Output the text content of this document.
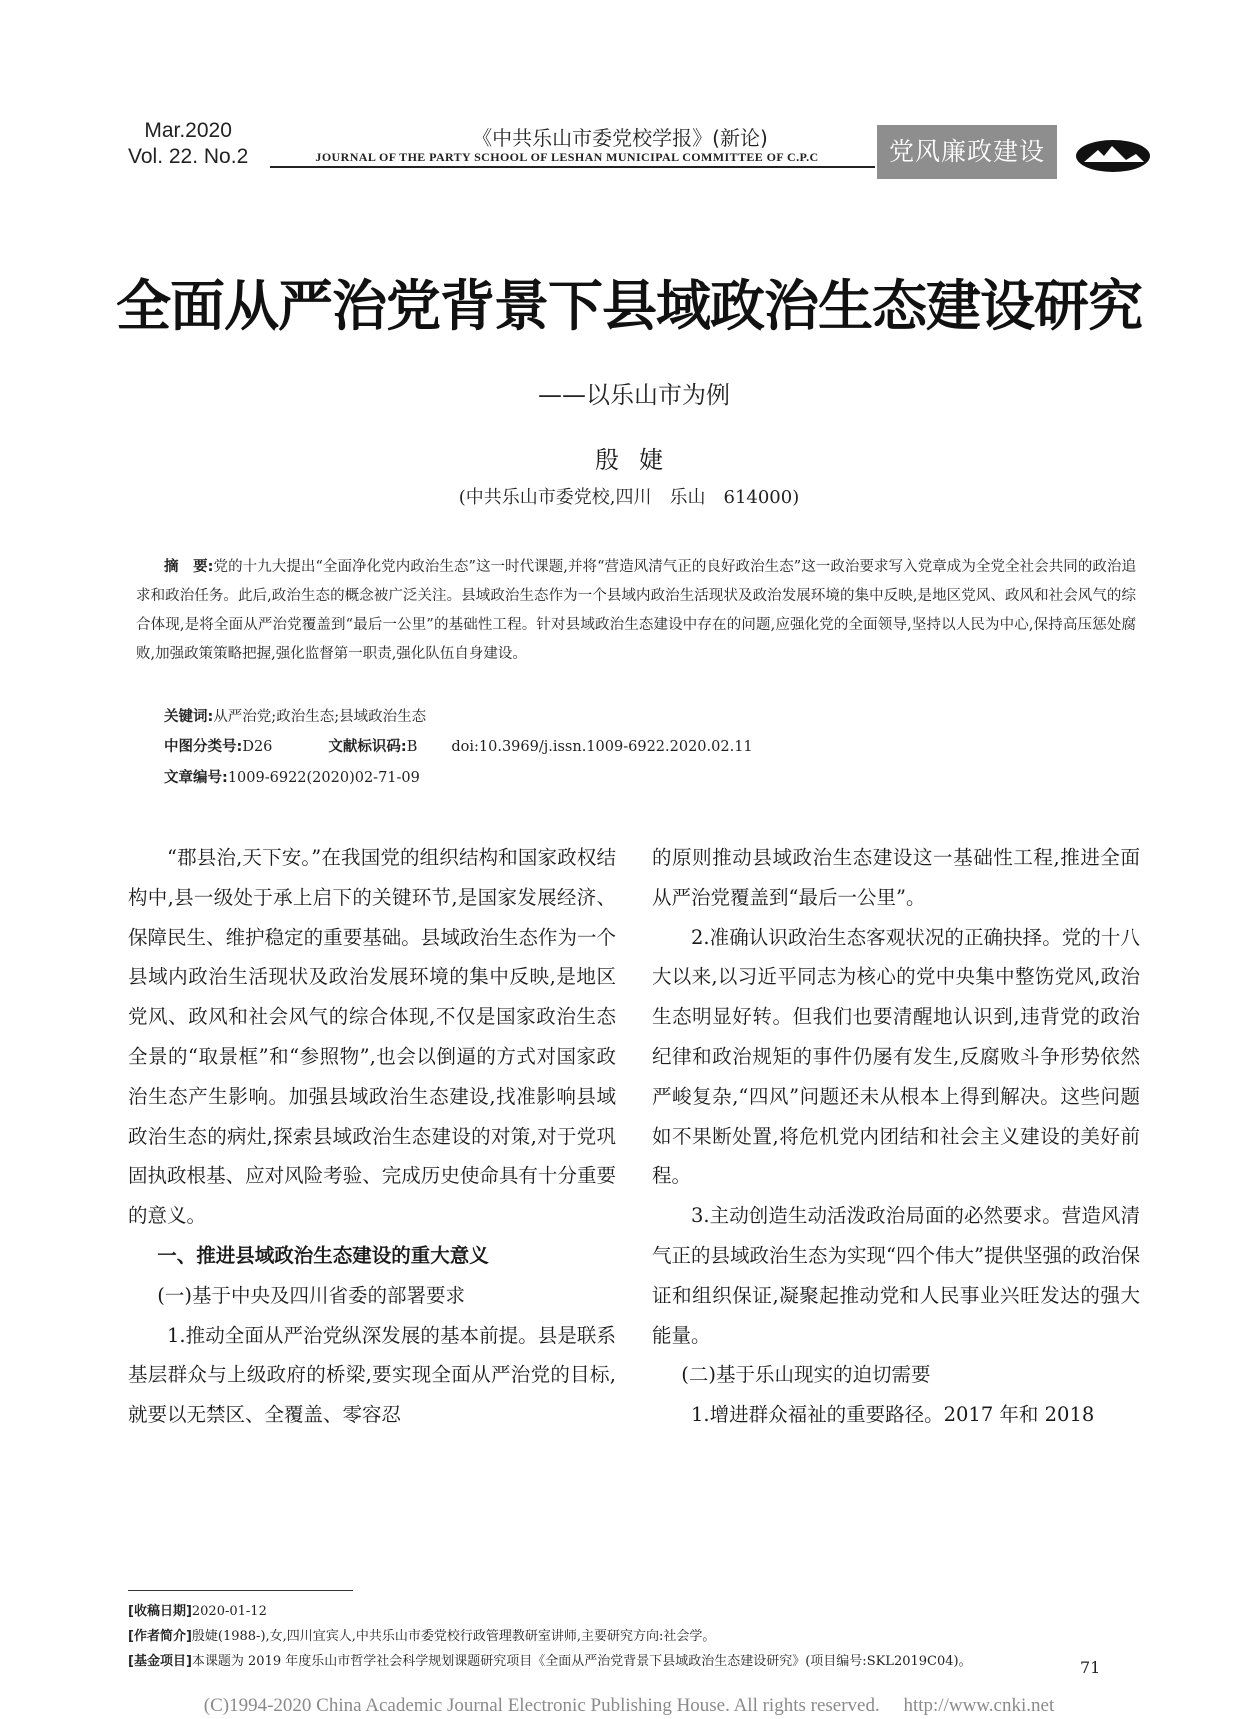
Mar.2020
Vol. 22. No.2
《中共乐山市委党校学报》(新论)
JOURNAL OF THE PARTY SCHOOL OF LESHAN MUNICIPAL COMMITTEE OF C.P.C	党风廉政建设
全面从严治党背景下县域政治生态建设研究
——以乐山市为例
殷婕
(中共乐山市委党校,四川　乐山　614000)
摘　要:党的十九大提出“全面净化党内政治生态”这一时代课题,并将“营造风清气正的良好政治生态”这一政治要求写入党章成为全党全社会共同的政治追求和政治任务。此后,政治生态的概念被广泛关注。县域政治生态作为一个县域内政治生活现状及政治发展环境的集中反映,是地区党风、政风和社会风气的综合体现,是将全面从严治党覆盖到“最后一公里”的基础性工程。针对县域政治生态建设中存在的问题,应强化党的全面领导,坚持以人民为中心,保持高压惩处腐败,加强政策策略把握,强化监督第一职责,强化队伍自身建设。
关键词:从严治党;政治生态;县域政治生态
中图分类号:D26	文献标识码:B doi:10.3969/j.issn.1009-6922.2020.02.11
文章编号:1009-6922(2020)02-71-09

“郡县治,天下安。”在我国党的组织结构和国家政权结构中,县一级处于承上启下的关键环节,是国家发展经济、保障民生、维护稳定的重要基础。县域政治生态作为一个县域内政治生活现状及政治发展环境的集中反映,是地区党风、政风和社会风气的综合体现,不仅是国家政治生态全景的“取景框”和“参照物”,也会以倒逼的方式对国家政治生态产生影响。加强县域政治生态建设,找准影响县域政治生态的病灶,探索县域政治生态建设的对策,对于党巩固执政根基、应对风险考验、完成历史使命具有十分重要的意义。

一、推进县域政治生态建设的重大意义

(一)基于中央及四川省委的部署要求

1.推动全面从严治党纵深发展的基本前提。县是联系基层群众与上级政府的桥梁,要实现全面从严治党的目标,就要以无禁区、全覆盖、零容忍

的原则推动县域政治生态建设这一基础性工程,推进全面从严治党覆盖到“最后一公里”。

2.准确认识政治生态客观状况的正确抉择。党的十八大以来,以习近平同志为核心的党中央集中整饬党风,政治生态明显好转。但我们也要清醒地认识到,违背党的政治纪律和政治规矩的事件仍屡有发生,反腐败斗争形势依然严峻复杂,“四风”问题还未从根本上得到解决。这些问题如不果断处置,将危机党内团结和社会主义建设的美好前程。

3.主动创造生动活泼政治局面的必然要求。营造风清气正的县域政治生态为实现“四个伟大”提供坚强的政治保证和组织保证,凝聚起推动党和人民事业兴旺发达的强大能量。

(二)基于乐山现实的迫切需要

1.增进群众福祉的重要路径。2017 年和 2018

[收稿日期]2020-01-12
[作者简介]殷婕(1988-),女,四川宜宾人,中共乐山市委党校行政管理教研室讲师,主要研究方向:社会学。
[基金项目]本课题为 2019 年度乐山市哲学社会科学规划课题研究项目《全面从严治党背景下县域政治生态建设研究》(项目编号:SKL2019C04)。	71
(C)1994-2020 China Academic Journal Electronic Publishing House. All rights reserved.　 http://www.cnki.net
